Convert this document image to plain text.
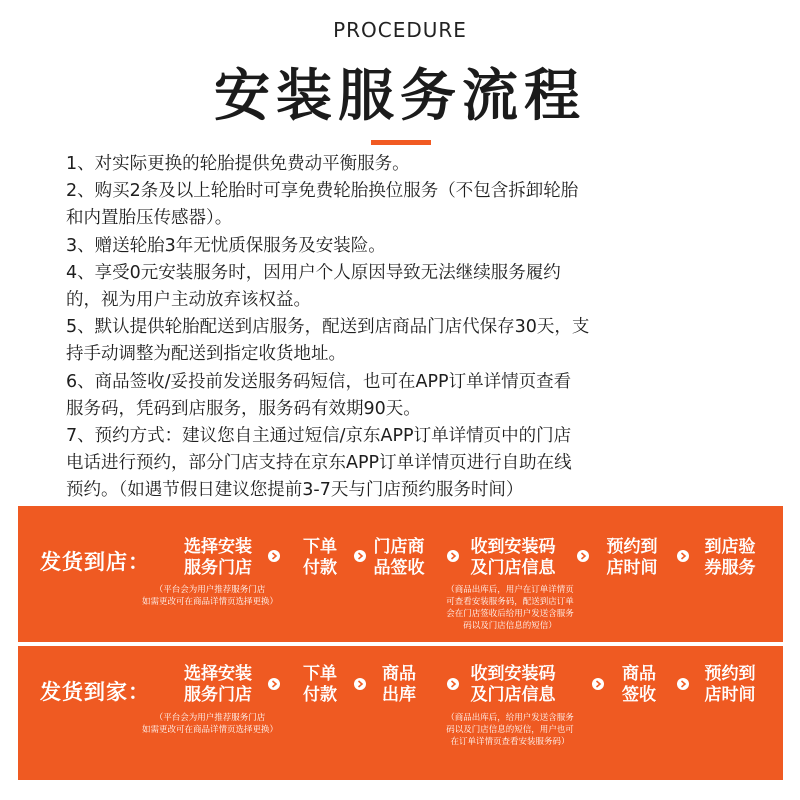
PROCEDURE
安装服务流程
1、对实际更换的轮胎提供免费动平衡服务。
2、购买2条及以上轮胎时可享免费轮胎换位服务（不包含拆卸轮胎
和内置胎压传感器）。
3、赠送轮胎3年无忧质保服务及安装险。
4、享受0元安装服务时，因用户个人原因导致无法继续服务履约
的，视为用户主动放弃该权益。
5、默认提供轮胎配送到店服务，配送到店商品门店代保存30天，支
持手动调整为配送到指定收货地址。
6、商品签收/妥投前发送服务码短信，也可在APP订单详情页查看
服务码，凭码到店服务，服务码有效期90天。
7、预约方式：建议您自主通过短信/京东APP订单详情页中的门店
电话进行预约，部分门店支持在京东APP订单详情页进行自助在线
预约。（如遇节假日建议您提前3-7天与门店预约服务时间）
发货到店：
选择安装
服务门店
下单
付款
门店商
品签收
收到安装码
及门店信息
预约到
店时间
到店验
券服务
（平台会为用户推荐服务门店
如需更改可在商品详情页选择更换）
（商品出库后，用户在订单详情页
可查看安装服务码，配送到店订单
会在门店签收后给用户发送含服务
码以及门店信息的短信）
发货到家：
选择安装
服务门店
下单
付款
商品
出库
收到安装码
及门店信息
商品
签收
预约到
店时间
（平台会为用户推荐服务门店
如需更改可在商品详情页选择更换）
（商品出库后，给用户发送含服务
码以及门店信息的短信，用户也可
在订单详情页查看安装服务码）
